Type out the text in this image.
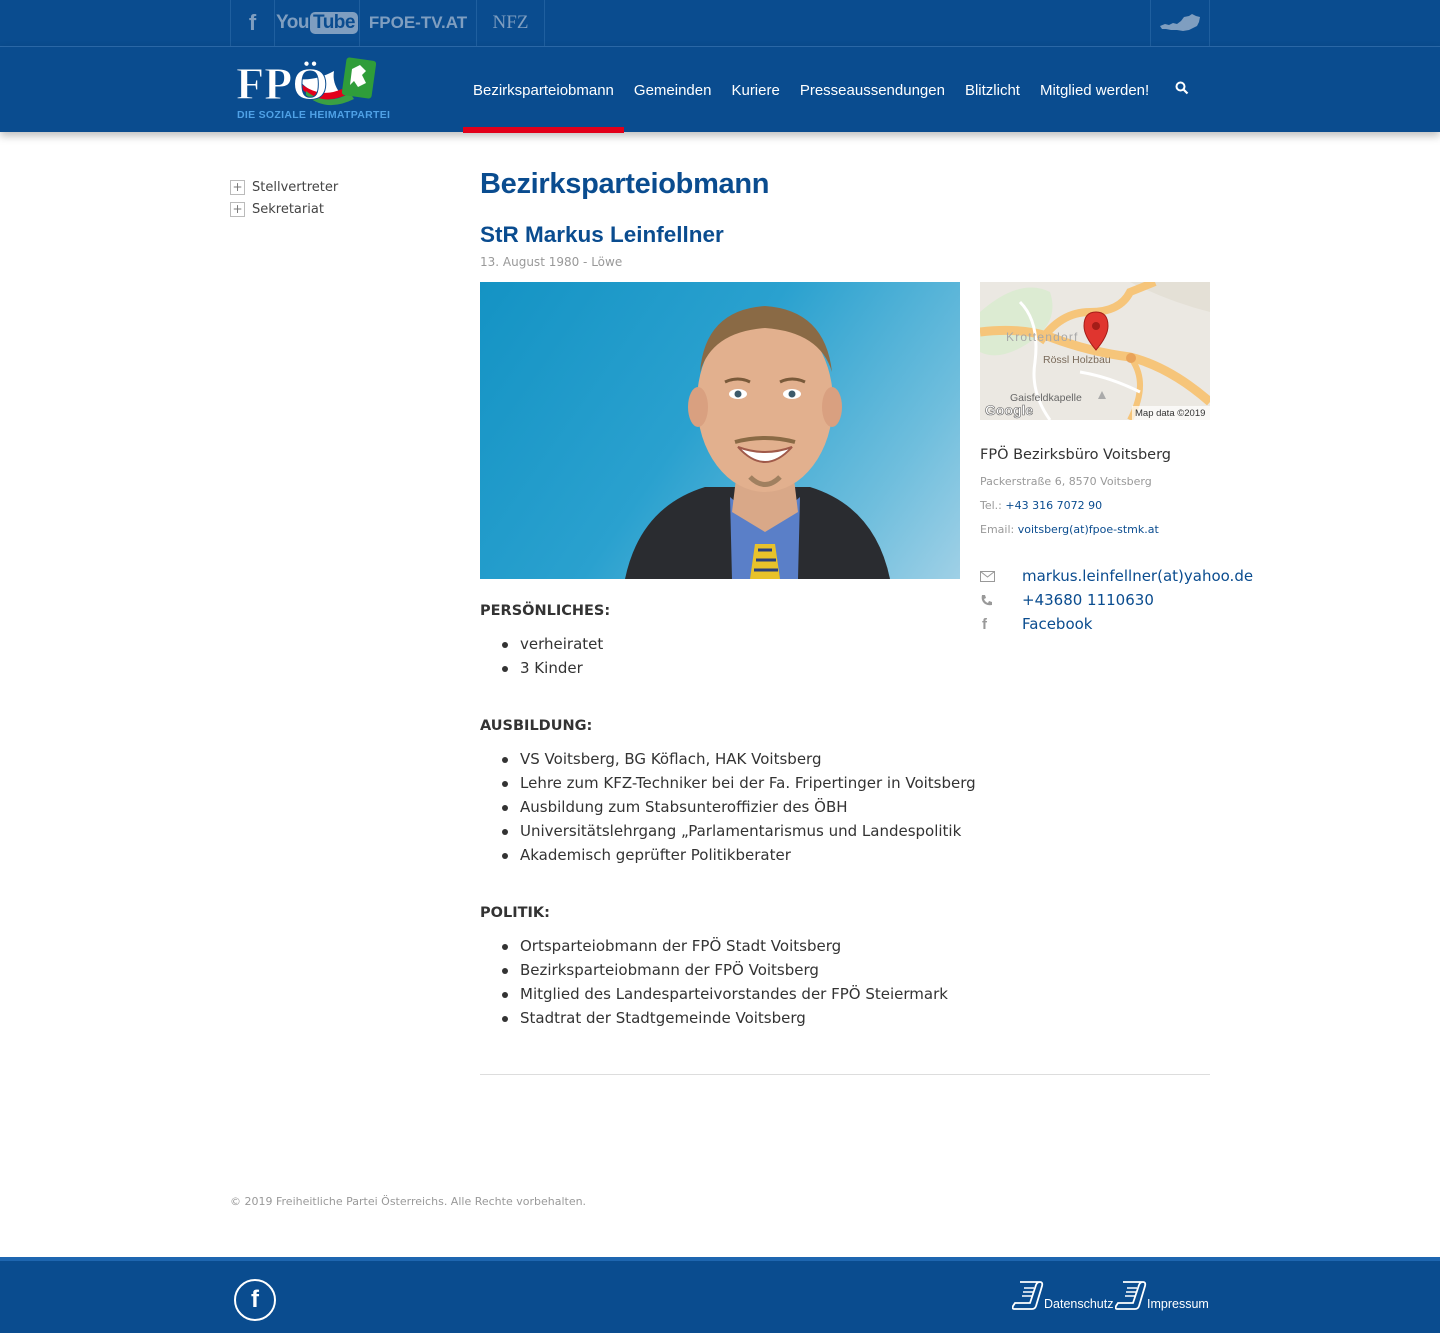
f You Tube FPOE-TV.AT NFZ
FPÖ
DIE SOZIALE HEIMATPARTEI
Bezirksparteiobmann	Gemeinden	Kuriere	Presseaussendungen	Blitzlicht	Mitglied werden!
+ Stellvertreter
+ Sekretariat
Bezirksparteiobmann
StR Markus Leinfellner
13. August 1980 - Löwe
PERSÖNLICHES:
verheiratet
3 Kinder
AUSBILDUNG:
VS Voitsberg, BG Köflach, HAK Voitsberg
Lehre zum KFZ-Techniker bei der Fa. Fripertinger in Voitsberg
Ausbildung zum Stabsunteroffizier des ÖBH
Universitätslehrgang „Parlamentarismus und Landespolitik
Akademisch geprüfter Politikberater
POLITIK:
Ortsparteiobmann der FPÖ Stadt Voitsberg
Bezirksparteiobmann der FPÖ Voitsberg
Mitglied des Landesparteivorstandes der FPÖ Steiermark
Stadtrat der Stadtgemeinde Voitsberg
Krottendorf
Rössl Holzbau
Gaisfeldkapelle
Google	Map data ©2019
FPÖ Bezirksbüro Voitsberg
Packerstraße 6, 8570 Voitsberg
Tel.: +43 316 7072 90
Email: voitsberg(at)fpoe-stmk.at
markus.leinfellner(at)yahoo.de
+43680 1110630
f	Facebook
© 2019 Freiheitliche Partei Österreichs. Alle Rechte vorbehalten.
f	Datenschutz	Impressum
